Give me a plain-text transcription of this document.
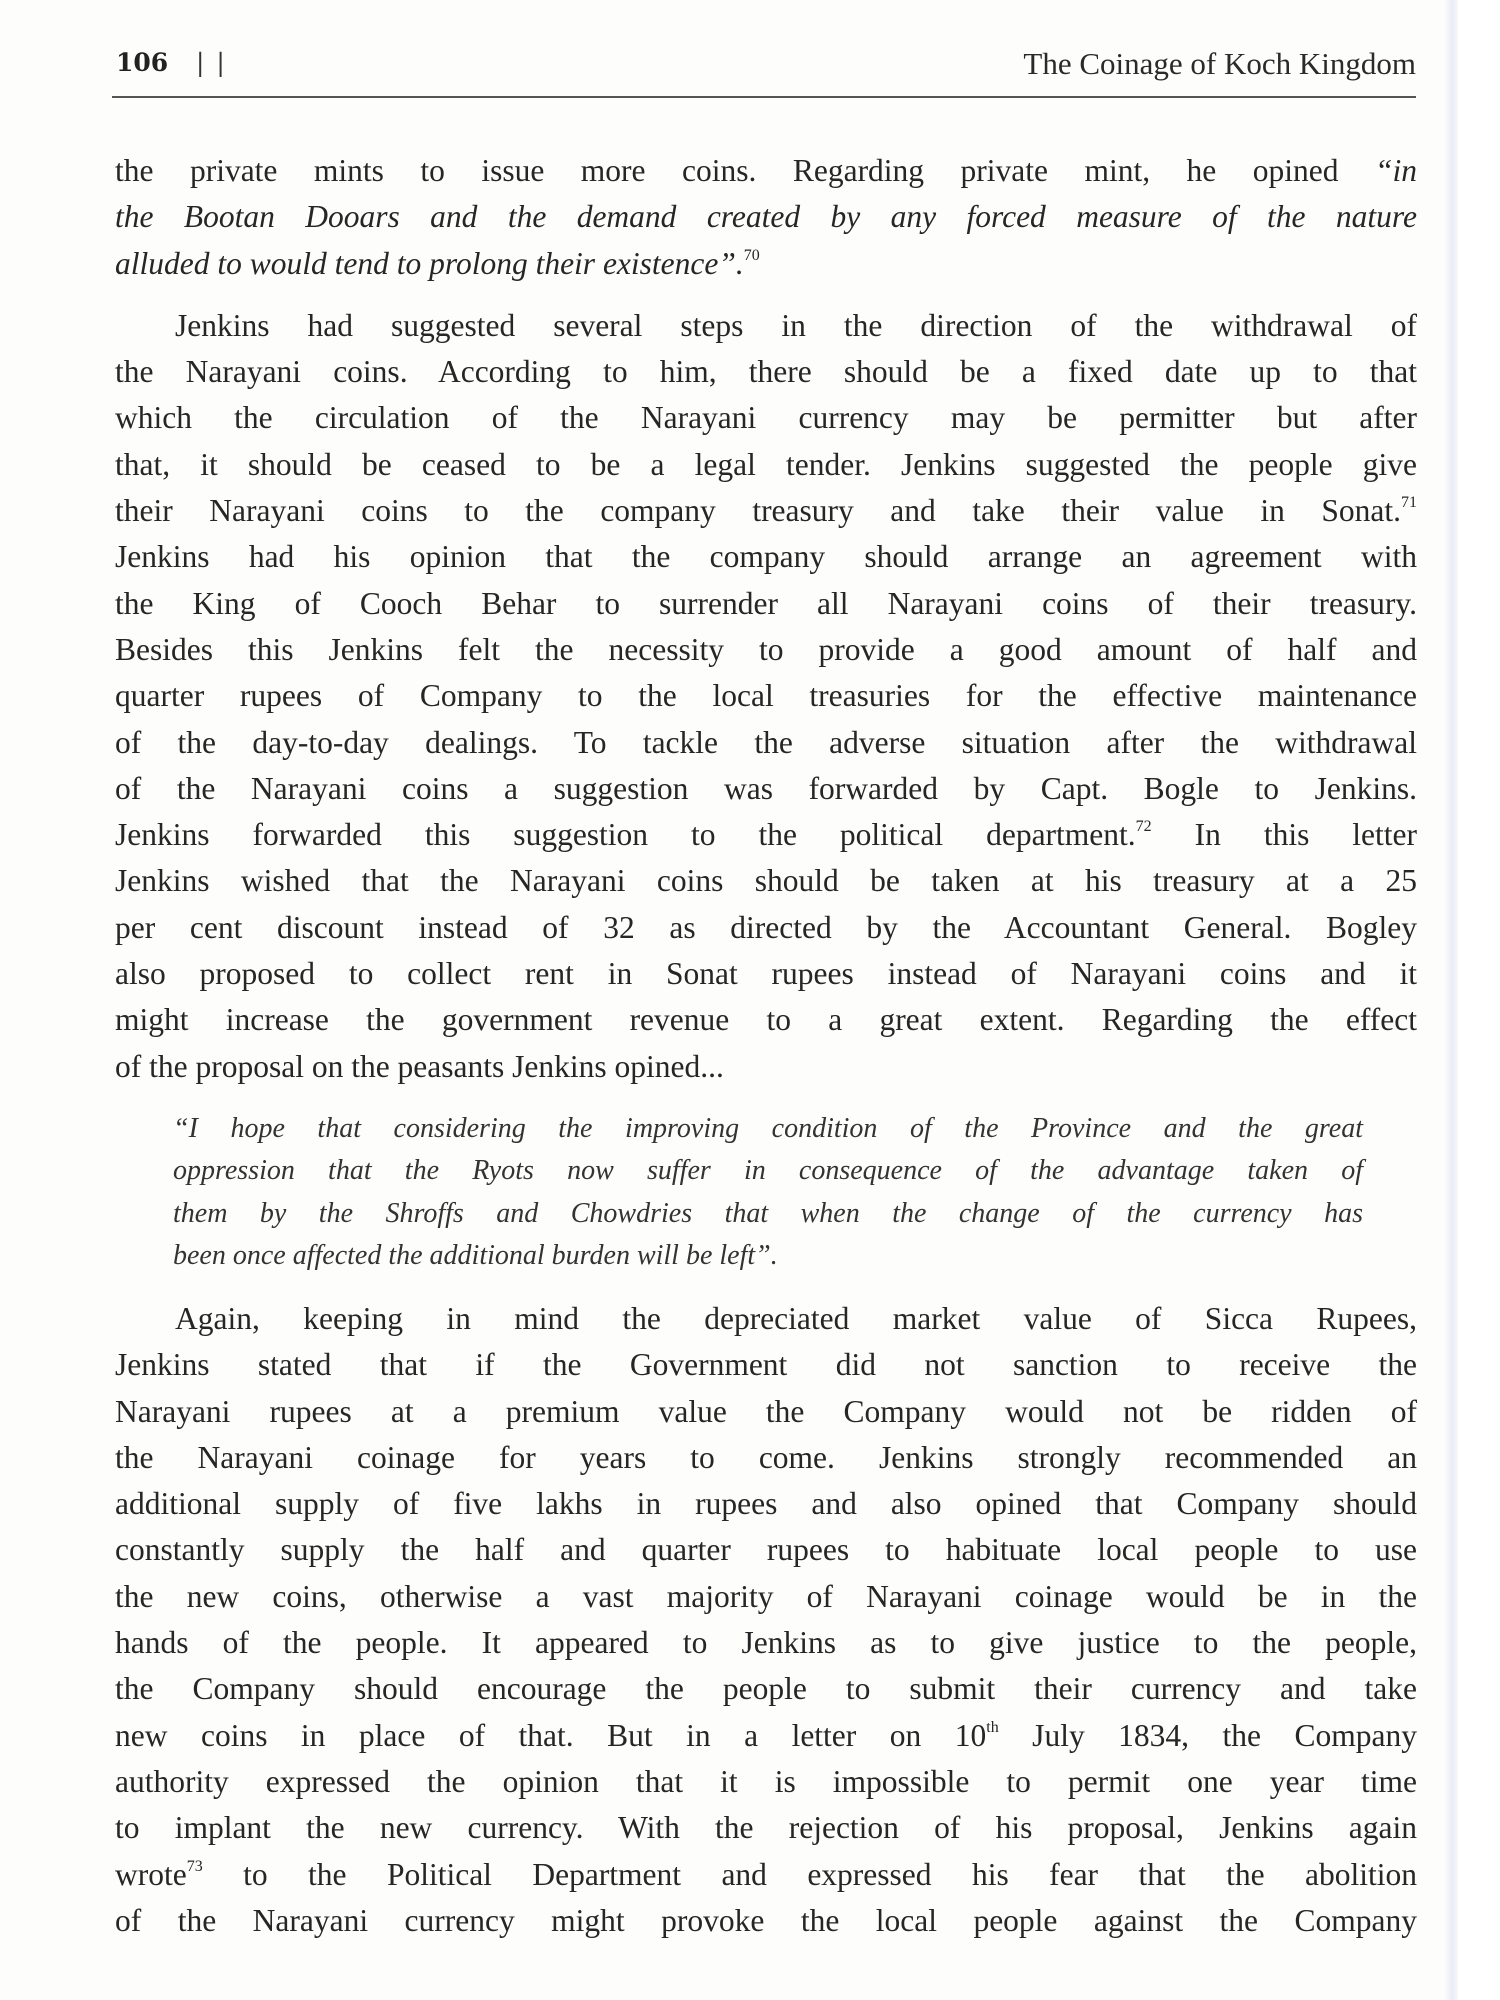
106 | |	The Coinage of Koch Kingdom
the private mints to issue more coins. Regarding private mint, he opined “in
the Bootan Dooars and the demand created by any forced measure of the nature
alluded to would tend to prolong their existence”.$^{70}$
Jenkins had suggested several steps in the direction of the withdrawal of
the Narayani coins. According to him, there should be a fixed date up to that
which the circulation of the Narayani currency may be permitter but after
that, it should be ceased to be a legal tender. Jenkins suggested the people give
their Narayani coins to the company treasury and take their value in Sonat.$^{71}$
Jenkins had his opinion that the company should arrange an agreement with
the King of Cooch Behar to surrender all Narayani coins of their treasury.
Besides this Jenkins felt the necessity to provide a good amount of half and
quarter rupees of Company to the local treasuries for the effective maintenance
of the day-to-day dealings. To tackle the adverse situation after the withdrawal
of the Narayani coins a suggestion was forwarded by Capt. Bogle to Jenkins.
Jenkins forwarded this suggestion to the political department.$^{72}$ In this letter
Jenkins wished that the Narayani coins should be taken at his treasury at a 25
per cent discount instead of 32 as directed by the Accountant General. Bogley
also proposed to collect rent in Sonat rupees instead of Narayani coins and it
might increase the government revenue to a great extent. Regarding the effect
of the proposal on the peasants Jenkins opined...
“I hope that considering the improving condition of the Province and the great
oppression that the Ryots now suffer in consequence of the advantage taken of
them by the Shroffs and Chowdries that when the change of the currency has
been once affected the additional burden will be left”.
Again, keeping in mind the depreciated market value of Sicca Rupees,
Jenkins stated that if the Government did not sanction to receive the
Narayani rupees at a premium value the Company would not be ridden of
the Narayani coinage for years to come. Jenkins strongly recommended an
additional supply of five lakhs in rupees and also opined that Company should
constantly supply the half and quarter rupees to habituate local people to use
the new coins, otherwise a vast majority of Narayani coinage would be in the
hands of the people. It appeared to Jenkins as to give justice to the people,
the Company should encourage the people to submit their currency and take
new coins in place of that. But in a letter on 10th July 1834, the Company
authority expressed the opinion that it is impossible to permit one year time
to implant the new currency. With the rejection of his proposal, Jenkins again
wrote$^{73}$ to the Political Department and expressed his fear that the abolition
of the Narayani currency might provoke the local people against the Company
